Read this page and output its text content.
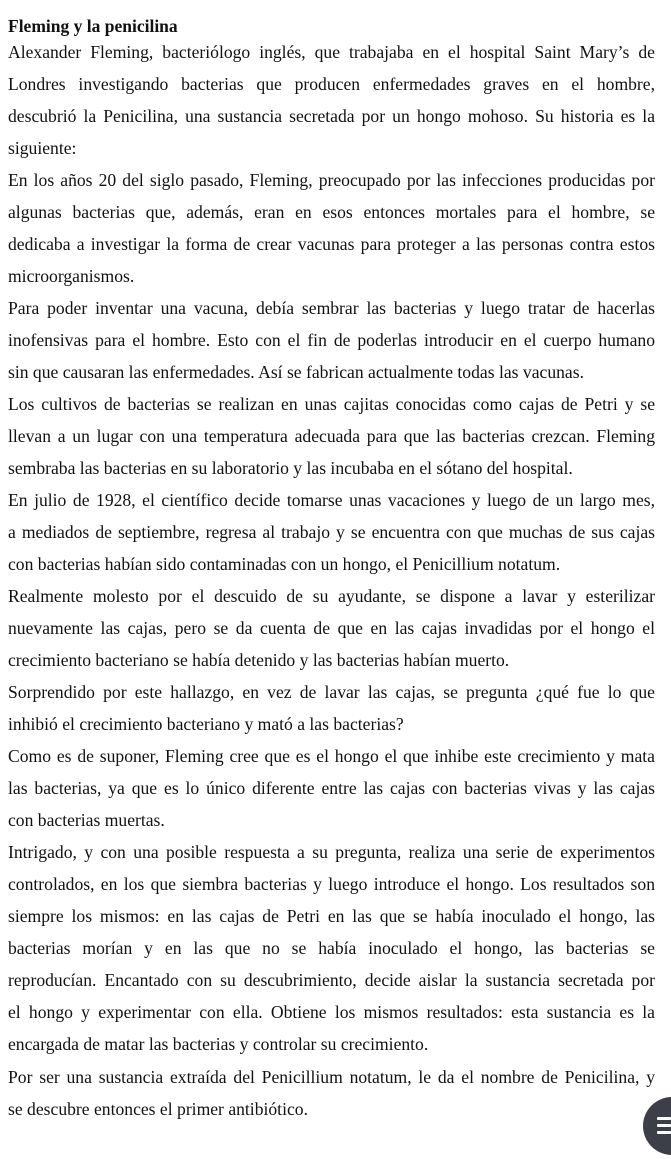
Fleming y la penicilina
Alexander Fleming, bacteriólogo inglés, que trabajaba en el hospital Saint Mary’s de
Londres investigando bacterias que producen enfermedades graves en el hombre,
descubrió la Penicilina, una sustancia secretada por un hongo mohoso. Su historia es la
siguiente:
En los años 20 del siglo pasado, Fleming, preocupado por las infecciones producidas por
algunas bacterias que, además, eran en esos entonces mortales para el hombre, se
dedicaba a investigar la forma de crear vacunas para proteger a las personas contra estos
microorganismos.
Para poder inventar una vacuna, debía sembrar las bacterias y luego tratar de hacerlas
inofensivas para el hombre. Esto con el fin de poderlas introducir en el cuerpo humano
sin que causaran las enfermedades. Así se fabrican actualmente todas las vacunas.
Los cultivos de bacterias se realizan en unas cajitas conocidas como cajas de Petri y se
llevan a un lugar con una temperatura adecuada para que las bacterias crezcan. Fleming
sembraba las bacterias en su laboratorio y las incubaba en el sótano del hospital.
En julio de 1928, el científico decide tomarse unas vacaciones y luego de un largo mes,
a mediados de septiembre, regresa al trabajo y se encuentra con que muchas de sus cajas
con bacterias habían sido contaminadas con un hongo, el Penicillium notatum.
Realmente molesto por el descuido de su ayudante, se dispone a lavar y esterilizar
nuevamente las cajas, pero se da cuenta de que en las cajas invadidas por el hongo el
crecimiento bacteriano se había detenido y las bacterias habían muerto.
Sorprendido por este hallazgo, en vez de lavar las cajas, se pregunta ¿qué fue lo que
inhibió el crecimiento bacteriano y mató a las bacterias?
Como es de suponer, Fleming cree que es el hongo el que inhibe este crecimiento y mata
las bacterias, ya que es lo único diferente entre las cajas con bacterias vivas y las cajas
con bacterias muertas.
Intrigado, y con una posible respuesta a su pregunta, realiza una serie de experimentos
controlados, en los que siembra bacterias y luego introduce el hongo. Los resultados son
siempre los mismos: en las cajas de Petri en las que se había inoculado el hongo, las
bacterias morían y en las que no se había inoculado el hongo, las bacterias se
reproducían. Encantado con su descubrimiento, decide aislar la sustancia secretada por
el hongo y experimentar con ella. Obtiene los mismos resultados: esta sustancia es la
encargada de matar las bacterias y controlar su crecimiento.
Por ser una sustancia extraída del Penicillium notatum, le da el nombre de Penicilina, y
se descubre entonces el primer antibiótico.
